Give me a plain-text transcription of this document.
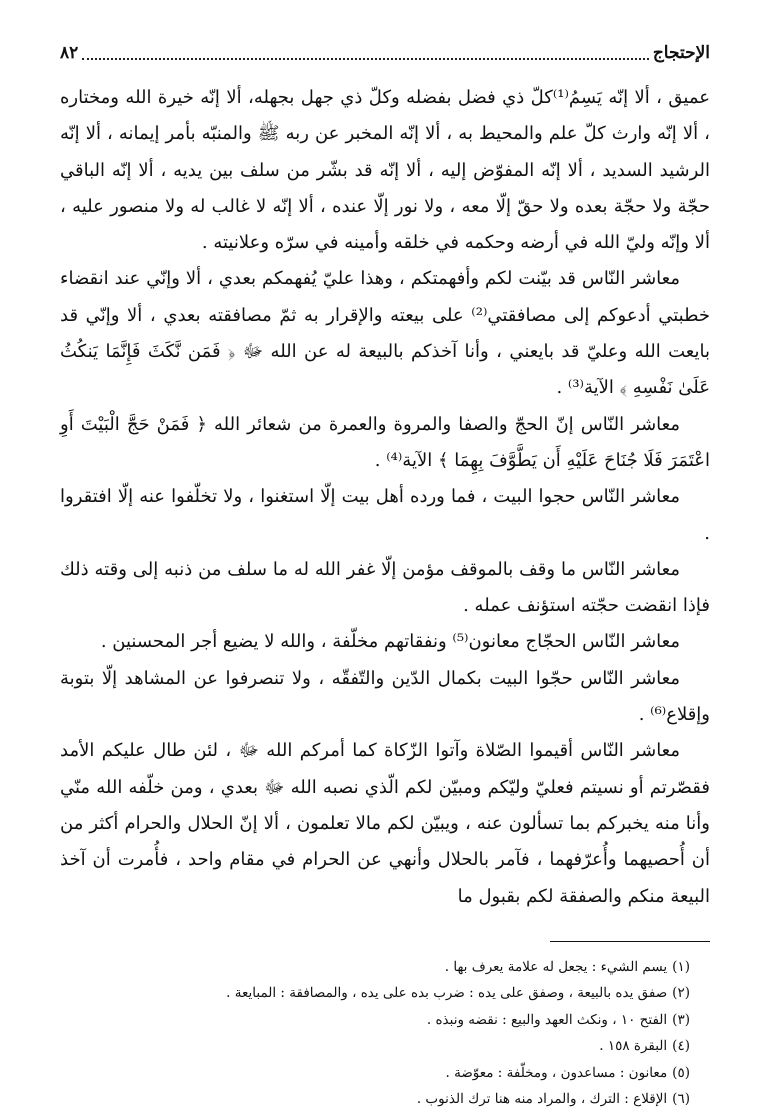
الإحتجاج
٨٢

عميق ، ألا إنّه يَسِمُ⁽¹⁾كلّ ذي فضل بفضله وكلّ ذي جهل بجهله، ألا إنّه خيرة الله ومختاره ، ألا إنّه وارث كلّ علم والمحيط به ، ألا إنّه المخبر عن ربه ﷺ والمنبّه بأمر إيمانه ، ألا إنّه الرشيد السديد ، ألا إنّه المفوّض إليه ، ألا إنّه قد بشّر من سلف بين يديه ، ألا إنّه الباقي حجّة ولا حجّة بعده ولا حقّ إلّا معه ، ولا نور إلّا عنده ، ألا إنّه لا غالب له ولا منصور عليه ، ألا وإنّه وليّ الله في أرضه وحكمه في خلقه وأمينه في سرّه وعلانيته .

معاشر النّاس قد بيّنت لكم وأفهمتكم ، وهذا عليّ يُفهمكم بعدي ، ألا وإنّي عند انقضاء خطبتي أدعوكم إلى مصافقتي⁽²⁾ على بيعته والإقرار به ثمّ مصافقته بعدي ، ألا وإنّي قد بايعت الله وعليّ قد بايعني ، وأنا آخذكم بالبيعة له عن الله ﷻ ﴿ فَمَن نَّكَثَ فَإِنَّمَا يَنكُثُ عَلَىٰ نَفْسِهِ ﴾ الآية⁽³⁾ .

معاشر النّاس إنّ الحجّ والصفا والمروة والعمرة من شعائر الله ﴿ فَمَنْ حَجَّ الْبَيْتَ أَوِ اعْتَمَرَ فَلَا جُنَاحَ عَلَيْهِ أَن يَطَّوَّفَ بِهِمَا ﴾ الآية⁽⁴⁾ .

معاشر النّاس حجوا البيت ، فما ورده أهل بيت إلّا استغنوا ، ولا تخلّفوا عنه إلّا افتقروا .

معاشر النّاس ما وقف بالموقف مؤمن إلّا غفر الله له ما سلف من ذنبه إلى وقته ذلك فإذا انقضت حجّته استؤنف عمله .

معاشر النّاس الحجّاج معانون⁽⁵⁾ ونفقاتهم مخلّفة ، والله لا يضيع أجر المحسنين .

معاشر النّاس حجّوا البيت بكمال الدّين والتّفقّه ، ولا تنصرفوا عن المشاهد إلّا بتوبة وإقلاع⁽⁶⁾ .

معاشر النّاس أقيموا الصّلاة وآتوا الزّكاة كما أمركم الله ﷻ ، لئن طال عليكم الأمد فقصّرتم أو نسيتم فعليّ وليّكم ومبيّن لكم الّذي نصبه الله ﷻ بعدي ، ومن خلّفه الله منّي وأنا منه يخبركم بما تسألون عنه ، ويبيّن لكم مالا تعلمون ، ألا إنّ الحلال والحرام أكثر من أن أُحصيهما وأُعرّفهما ، فآمر بالحلال وأنهي عن الحرام في مقام واحد ، فأُمرت أن آخذ البيعة منكم والصفقة لكم بقبول ما

(١)
يسم الشيء : يجعل له علامة يعرف بها .
(٢)
صفق يده بالبيعة ، وصفق على يده : ضرب بده على يده ، والمصافقة : المبايعة .
(٣)
الفتح ١٠ ، ونكث العهد والبيع : نقضه ونبذه .
(٤)
البقرة ١٥٨ .
(٥)
معانون : مساعدون ، ومخلّفة : معوّضة .
(٦)
الإقلاع : الترك ، والمراد منه هنا ترك الذنوب .
